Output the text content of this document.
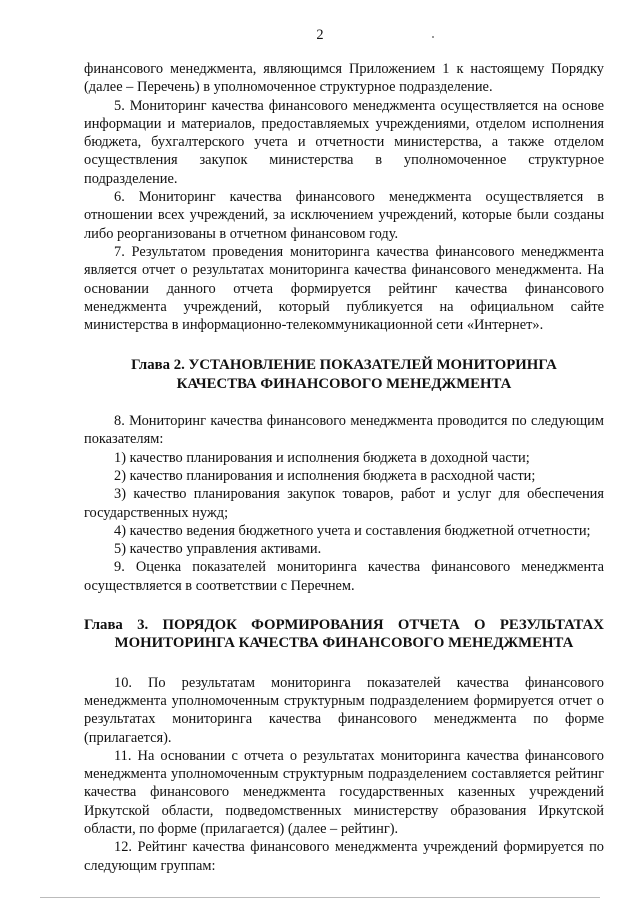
2

финансового менеджмента, являющимся Приложением 1 к настоящему Порядку (далее – Перечень) в уполномоченное структурное подразделение.

5. Мониторинг качества финансового менеджмента осуществляется на основе информации и материалов, предоставляемых учреждениями, отделом исполнения бюджета, бухгалтерского учета и отчетности министерства, а также отделом осуществления закупок министерства в уполномоченное структурное подразделение.

6. Мониторинг качества финансового менеджмента осуществляется в отношении всех учреждений, за исключением учреждений, которые были созданы либо реорганизованы в отчетном финансовом году.

7. Результатом проведения мониторинга качества финансового менеджмента является отчет о результатах мониторинга качества финансового менеджмента. На основании данного отчета формируется рейтинг качества финансового менеджмента учреждений, который публикуется на официальном сайте министерства в информационно-телекоммуникационной сети «Интернет».

Глава 2. УСТАНОВЛЕНИЕ ПОКАЗАТЕЛЕЙ МОНИТОРИНГА
КАЧЕСТВА ФИНАНСОВОГО МЕНЕДЖМЕНТА

8. Мониторинг качества финансового менеджмента проводится по следующим показателям:

1) качество планирования и исполнения бюджета в доходной части;

2) качество планирования и исполнения бюджета в расходной части;

3) качество планирования закупок товаров, работ и услуг для обеспечения государственных нужд;

4) качество ведения бюджетного учета и составления бюджетной отчетности;

5) качество управления активами.

9. Оценка показателей мониторинга качества финансового менеджмента осуществляется в соответствии с Перечнем.

Глава 3. ПОРЯДОК ФОРМИРОВАНИЯ ОТЧЕТА О РЕЗУЛЬТАТАХ
МОНИТОРИНГА КАЧЕСТВА ФИНАНСОВОГО МЕНЕДЖМЕНТА

10. По результатам мониторинга показателей качества финансового менеджмента уполномоченным структурным подразделением формируется отчет о результатах мониторинга качества финансового менеджмента по форме (прилагается).

11. На основании с отчета о результатах мониторинга качества финансового менеджмента уполномоченным структурным подразделением составляется рейтинг качества финансового менеджмента государственных казенных учреждений Иркутской области, подведомственных министерству образования Иркутской области, по форме (прилагается) (далее – рейтинг).

12. Рейтинг качества финансового менеджмента учреждений формируется по следующим группам:
